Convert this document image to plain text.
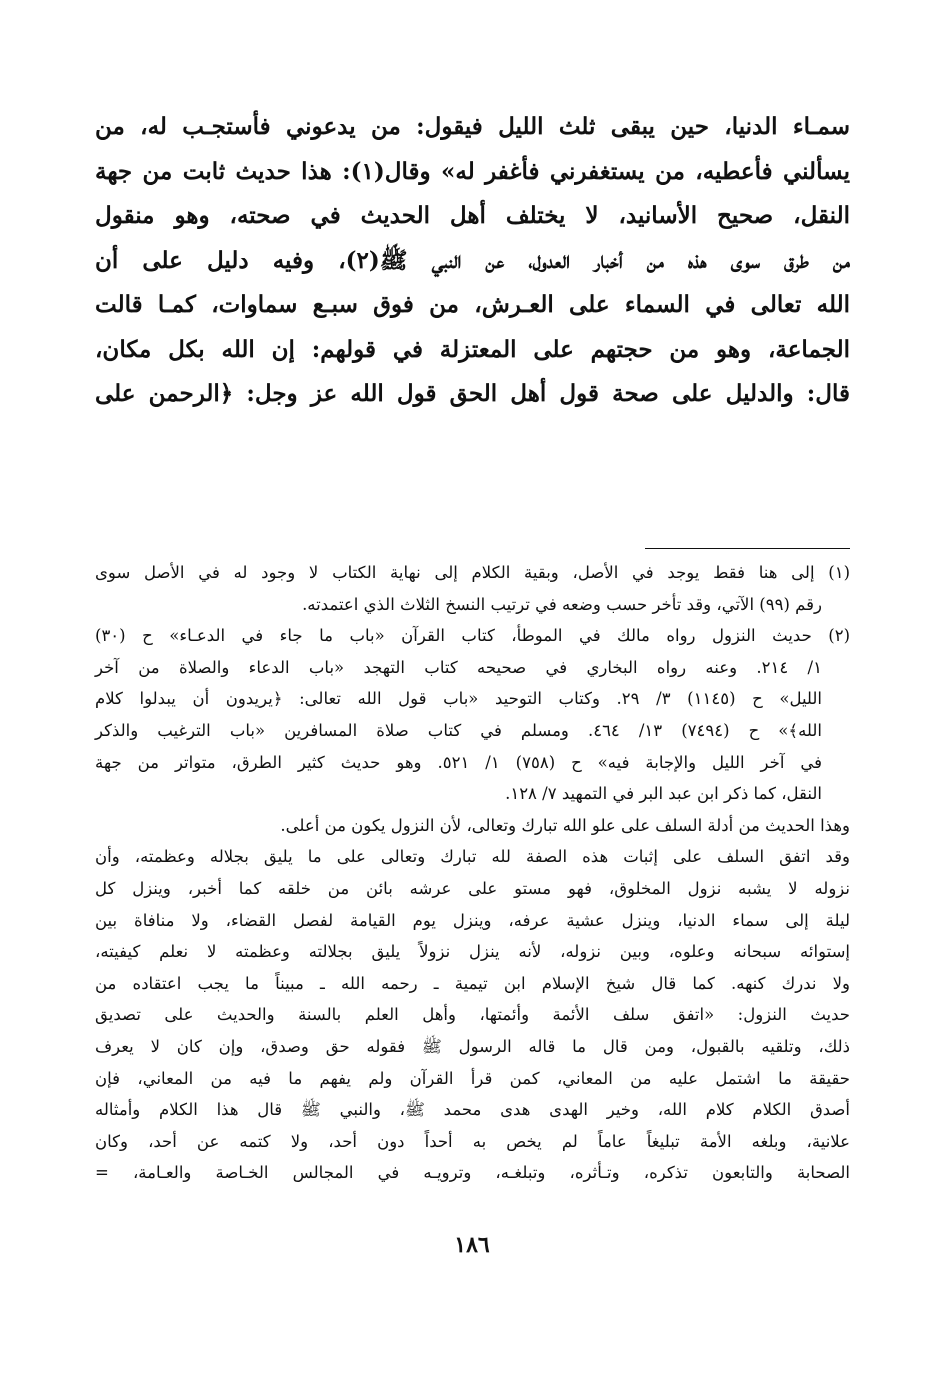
سمـاء الدنيا، حين يبقى ثلث الليل فيقول: من يدعوني فأستجـب له، من
يسألني فأعطيه، من يستغفرني فأغفر له» وقال(١): هذا حديث ثابت من جهة
النقل، صحيح الأسانيد، لا يختلف أهل الحديث في صحته، وهو منقول
من طرق سوى هذه من أخبار العدول، عن النبي ﷺ(٢)، وفيه دليل على أن
الله تعالى في السماء على العـرش، من فوق سبـع سماوات، كمـا قالت
الجماعة، وهو من حجتهم على المعتزلة في قولهم: إن الله بكل مكان،
قال: والدليل على صحة قول أهل الحق قول الله عز وجل: ﴿الرحمن على
(١) إلى هنا فقط يوجد في الأصل، وبقية الكلام إلى نهاية الكتاب لا وجود له في الأصل سوى
رقم (٩٩) الآتي، وقد تأخر حسب وضعه في ترتيب النسخ الثلاث الذي اعتمدته.
(٢) حديث النزول رواه مالك في الموطأ، كتاب القرآن «باب ما جاء في الدعـاء» ح (٣٠)
١/ ٢١٤. وعنه رواه البخاري في صحيحه كتاب التهجد «باب الدعاء والصلاة من آخر
الليل» ح (١١٤٥) ٣/ ٢٩. وكتاب التوحيد «باب قول الله تعالى: ﴿يريدون أن يبدلوا كلام
الله﴾» ح (٧٤٩٤) ١٣/ ٤٦٤. ومسلم في كتاب صلاة المسافرين «باب الترغيب والذكر
في آخر الليل والإجابة فيه» ح (٧٥٨) ١/ ٥٢١. وهو حديث كثير الطرق، متواتر من جهة
النقل، كما ذكر ابن عبد البر في التمهيد ٧/ ١٢٨.
وهذا الحديث من أدلة السلف على علو الله تبارك وتعالى، لأن النزول يكون من أعلى.
وقد اتفق السلف على إثبات هذه الصفة لله تبارك وتعالى على ما يليق بجلاله وعظمته، وأن
نزوله لا يشبه نزول المخلوق، فهو مستو على عرشه بائن من خلقه كما أخبر، وينزل كل
ليلة إلى سماء الدنيا، وينزل عشية عرفه، وينزل يوم القيامة لفصل القضاء، ولا منافاة بين
إستوائه سبحانه وعلوه، وبين نزوله، لأنه ينزل نزولاً يليق بجلالته وعظمته لا نعلم كيفيته،
ولا ندرك كنهه. كما قال شيخ الإسلام ابن تيمية ـ رحمه الله ـ مبيناً ما يجب اعتقاده من
حديث النزول: «اتفق سلف الأئمة وأئمتها، وأهل العلم بالسنة والحديث على تصديق
ذلك، وتلقيه بالقبول، ومن قال ما قاله الرسول ﷺ فقوله حق وصدق، وإن كان لا يعرف
حقيقة ما اشتمل عليه من المعاني، كمن قرأ القرآن ولم يفهم ما فيه من المعاني، فإن
أصدق الكلام كلام الله، وخير الهدى هدى محمد ﷺ، والنبي ﷺ قال هذا الكلام وأمثاله
علانية، وبلغه الأمة تبليغاً عاماً لم يخص به أحداً دون أحد، ولا كتمه عن أحد، وكان
الصحابة والتابعون تذكره، وتـأثره، وتبلغـه، وترويـه في المجالس الخـاصة والعـامة، =
١٨٦
